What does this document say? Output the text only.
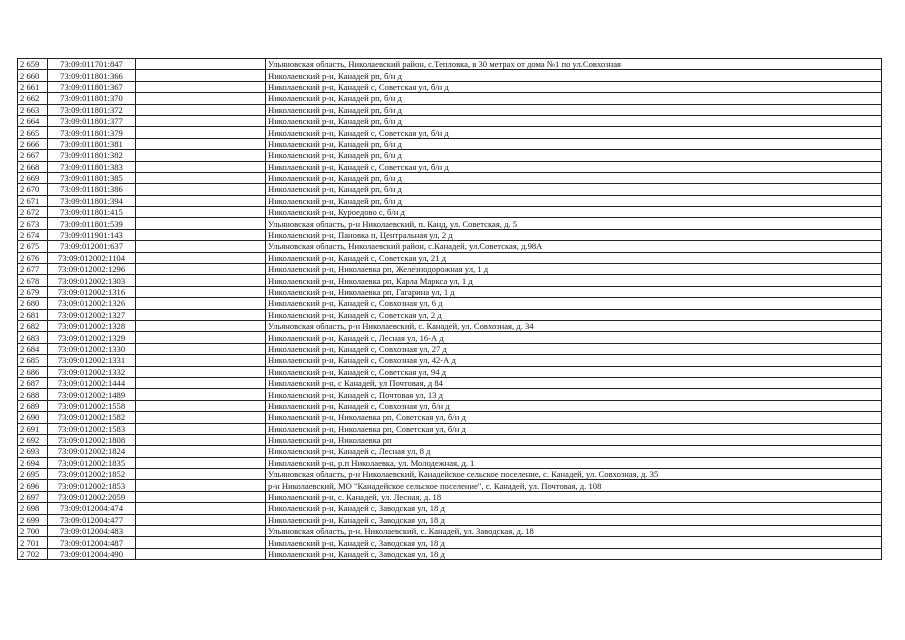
2 659	73:09:011701:847		Ульяновская область, Николаевский район, с.Тепловка, в 30 метрах от дома №1 по ул.Совхозная
2 660	73:09:011801:366		Николаевский р-н, Канадей рп, б/н д
2 661	73:09:011801:367		Николаевский р-н, Канадей с, Советская ул, б/н д
2 662	73:09:011801:370		Николаевский р-н, Канадей рп, б/н д
2 663	73:09:011801:372		Николаевский р-н, Канадей рп, б/н д
2 664	73:09:011801:377		Николаевский р-н, Канадей рп, б/н д
2 665	73:09:011801:379		Николаевский р-н, Канадей с, Советская ул, б/н д
2 666	73:09:011801:381		Николаевский р-н, Канадей рп, б/н д
2 667	73:09:011801:382		Николаевский р-н, Канадей рп, б/н д
2 668	73:09:011801:383		Николаевский р-н, Канадей с, Советская ул, б/н д
2 669	73:09:011801:385		Николаевский р-н, Канадей рп, б/н д
2 670	73:09:011801:386		Николаевский р-н, Канадей рп, б/н д
2 671	73:09:011801:394		Николаевский р-н, Канадей рп, б/н д
2 672	73:09:011801:415		Николаевский р-н, Куроедово с, б/н д
2 673	73:09:011801:539		Ульяновская область, р-н Николаевский, п. Канд, ул. Советская, д. 5
2 674	73:09:011901:143		Николаевский р-н, Пановка п, Центральная ул, 2 д
2 675	73:09:012001:637		Ульяновская область, Николаевский район, с.Канадей, ул.Советская, д.98А
2 676	73:09:012002:1104		Николаевский р-н, Канадей с, Советская ул, 21 д
2 677	73:09:012002:1296		Николаевский р-н, Николаевка рп, Железнодорожная ул, 1 д
2 678	73:09:012002:1303		Николаевский р-н, Николаевка рп, Карла Маркса ул, 1 д
2 679	73:09:012002:1316		Николаевский р-н, Николаевка рп, Гагарина ул, 1 д
2 680	73:09:012002:1326		Николаевский р-н, Канадей с, Совхозная ул, 6 д
2 681	73:09:012002:1327		Николаевский р-н, Канадей с, Советская ул, 2 д
2 682	73:09:012002:1328		Ульяновская область, р-н Николаевский, с. Канадей, ул. Совхозная, д. 34
2 683	73:09:012002:1329		Николаевский р-н, Канадей с, Лесная ул, 16-А д
2 684	73:09:012002:1330		Николаевский р-н, Канадей с, Совхозная ул, 27 д
2 685	73:09:012002:1331		Николаевский р-н, Канадей с, Совхозная ул, 42-А д
2 686	73:09:012002:1332		Николаевский р-н, Канадей с, Советская ул, 94 д
2 687	73:09:012002:1444		Николаевский р-н, с Канадей, ул Почтовая, д 84
2 688	73:09:012002:1489		Николаевский р-н, Канадей с, Почтовая ул, 13 д
2 689	73:09:012002:1558		Николаевский р-н, Канадей с, Совхозная ул, б/н д
2 690	73:09:012002:1582		Николаевский р-н, Николаевка рп, Советская ул, б/н д
2 691	73:09:012002:1583		Николаевский р-н, Николаевка рп, Советская ул, б/н д
2 692	73:09:012002:1808		Николаевский р-н, Николаевка рп
2 693	73:09:012002:1824		Николаевский р-н, Канадей с, Лесная ул, 8 д
2 694	73:09:012002:1835		Николаевский р-н, р.п Николаевка, ул. Молодежная, д. 1
2 695	73:09:012002:1852		Ульяновская область, р-н Николаевский, Канадейское сельское поселение, с. Канадей, ул. Совхозная, д. 35
2 696	73:09:012002:1853		р-н Николаевский, МО "Канадейское сельское поселение", с. Канадей, ул. Почтовая, д. 108
2 697	73:09:012002:2059		Николаевский р-н, с. Канадей, ул. Лесная, д. 18
2 698	73:09:012004:474		Николаевский р-н, Канадей с, Заводская ул, 18 д
2 699	73:09:012004:477		Николаевский р-н, Канадей с, Заводская ул, 18 д
2 700	73:09:012004:483		Ульяновская область, р-н. Николаевский, с. Канадей, ул. Заводская, д. 18
2 701	73:09:012004:487		Николаевский р-н, Канадей с, Заводская ул, 18 д
2 702	73:09:012004:490		Николаевский р-н, Канадей с, Заводская ул, 18 д
